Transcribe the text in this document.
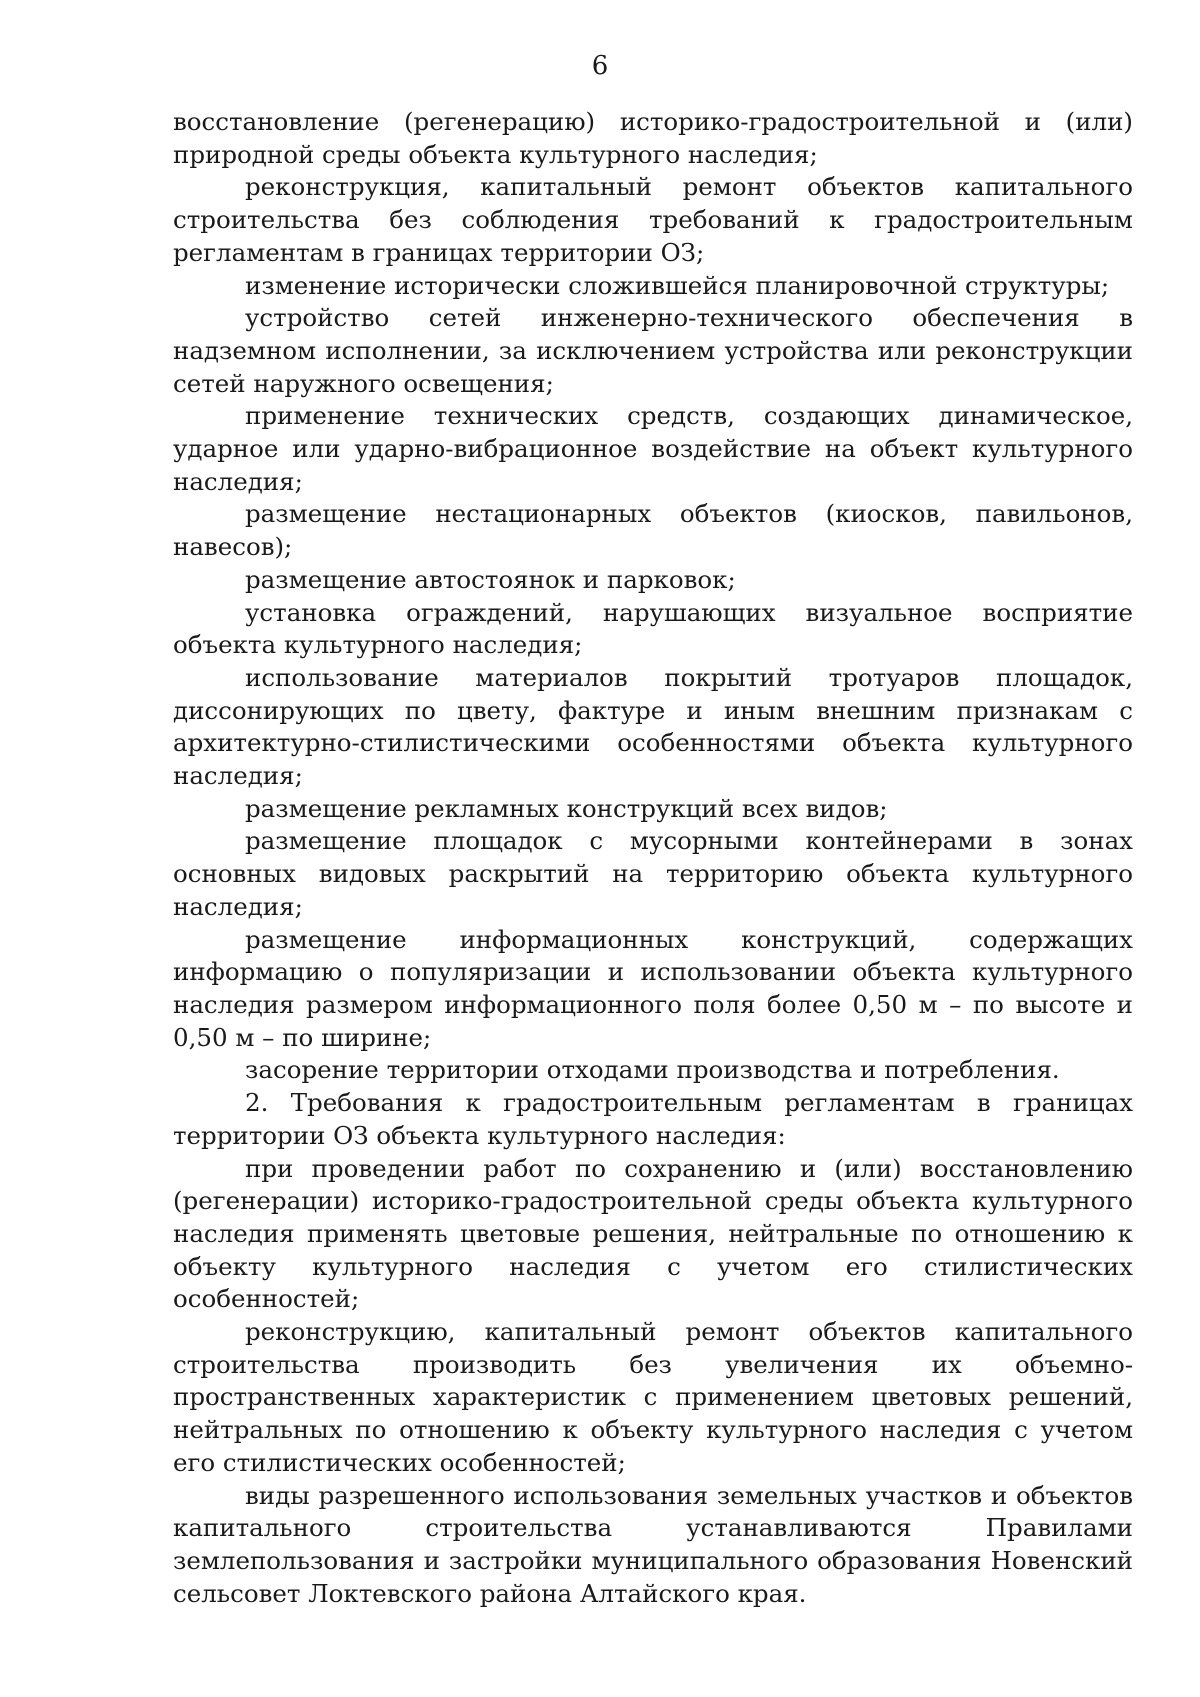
6

восстановление (регенерацию) историко-градостроительной и (или) природной среды объекта культурного наследия;

реконструкция, капитальный ремонт объектов капитального строительства без соблюдения требований к градостроительным регламентам в границах территории ОЗ;

изменение исторически сложившейся планировочной структуры;

устройство сетей инженерно-технического обеспечения в надземном исполнении, за исключением устройства или реконструкции сетей наружного освещения;

применение технических средств, создающих динамическое, ударное или ударно-вибрационное воздействие на объект культурного наследия;

размещение нестационарных объектов (киосков, павильонов, навесов);

размещение автостоянок и парковок;

установка ограждений, нарушающих визуальное восприятие объекта культурного наследия;

использование материалов покрытий тротуаров площадок, диссонирующих по цвету, фактуре и иным внешним признакам с архитектурно-стилистическими особенностями объекта культурного наследия;

размещение рекламных конструкций всех видов;

размещение площадок с мусорными контейнерами в зонах основных видовых раскрытий на территорию объекта культурного наследия;

размещение информационных конструкций, содержащих информацию о популяризации и использовании объекта культурного наследия размером информационного поля более 0,50 м – по высоте и 0,50 м – по ширине;

засорение территории отходами производства и потребления.

2. Требования к градостроительным регламентам в границах территории ОЗ объекта культурного наследия:

при проведении работ по сохранению и (или) восстановлению (регенерации) историко-градостроительной среды объекта культурного наследия применять цветовые решения, нейтральные по отношению к объекту культурного наследия с учетом его стилистических особенностей;

реконструкцию, капитальный ремонт объектов капитального строительства производить без увеличения их объемно-пространственных характеристик с применением цветовых решений, нейтральных по отношению к объекту культурного наследия с учетом его стилистических особенностей;

виды разрешенного использования земельных участков и объектов капитального строительства устанавливаются Правилами землепользования и застройки муниципального образования Новенский сельсовет Локтевского района Алтайского края.
